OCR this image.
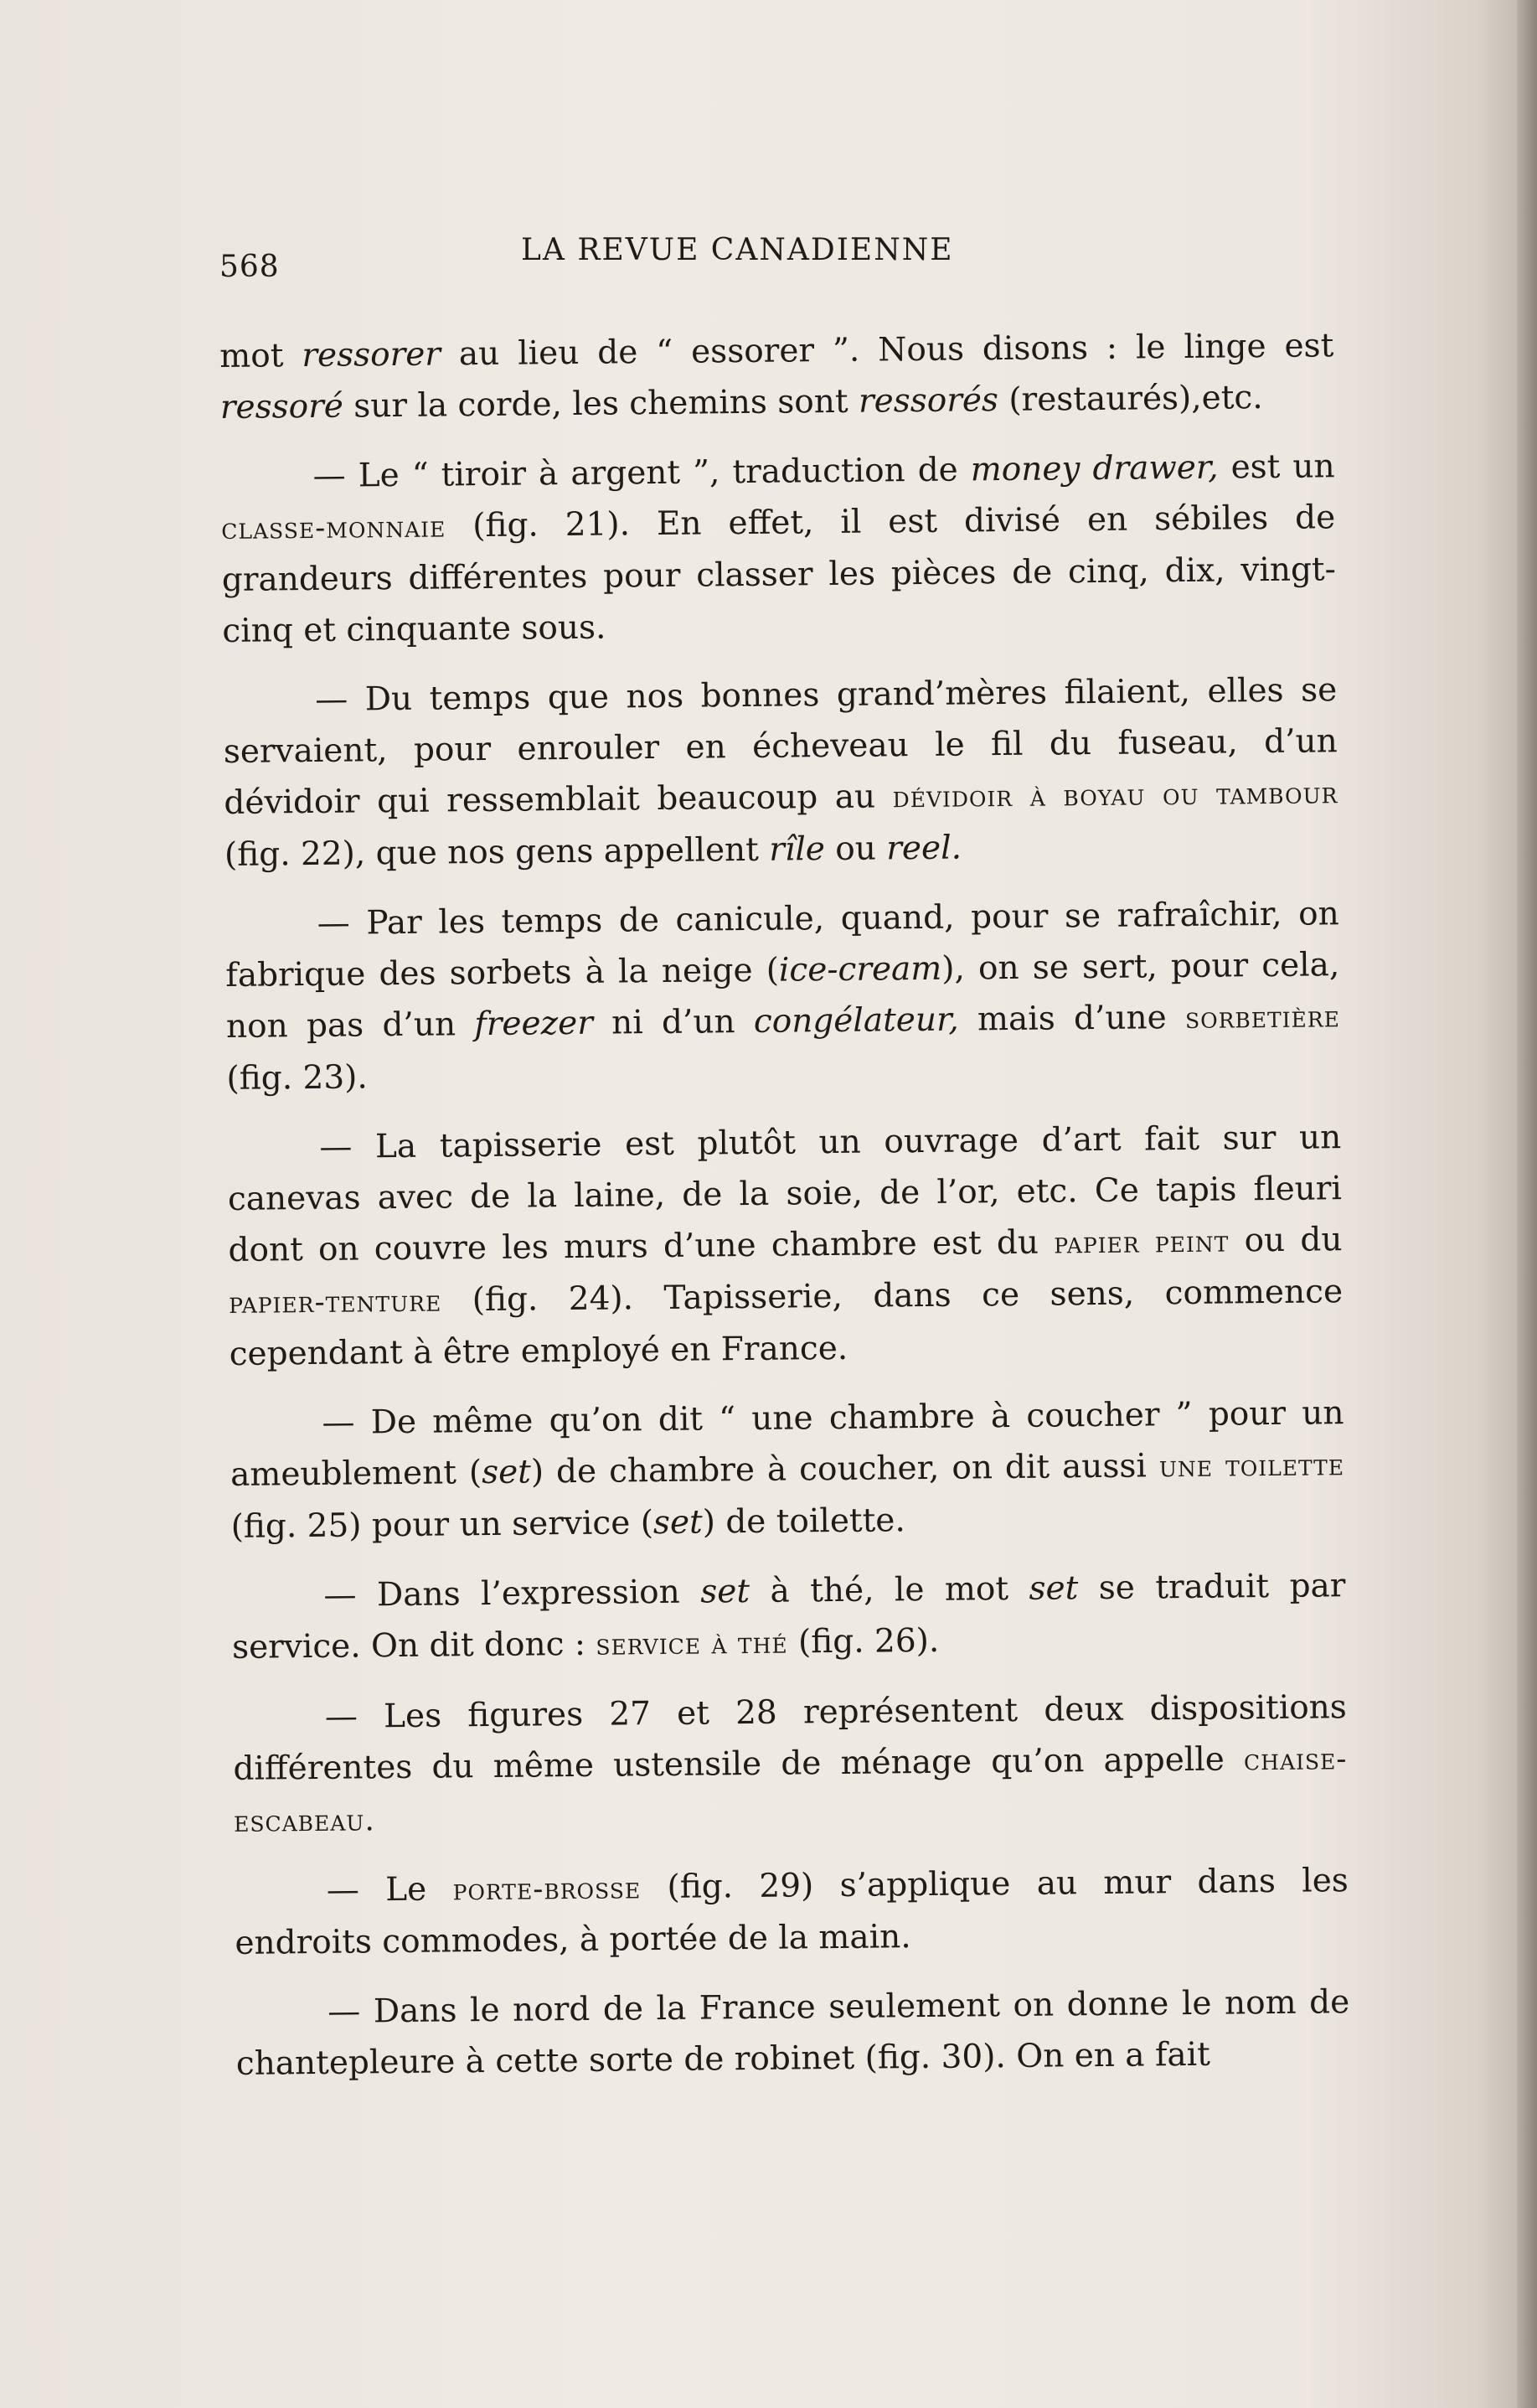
568	LA REVUE CANADIENNE

mot ressorer au lieu de “ essorer ”. Nous disons : le linge est ressoré sur la corde, les chemins sont ressorés (restaurés),etc.

— Le “ tiroir à argent ”, traduction de money drawer, est un classe-monnaie (fig. 21). En effet, il est divisé en sébiles de grandeurs différentes pour classer les pièces de cinq, dix, vingt-cinq et cinquante sous.

— Du temps que nos bonnes grand’mères filaient, elles se servaient, pour enrouler en écheveau le fil du fuseau, d’un dévidoir qui ressemblait beaucoup au dévidoir à boyau ou tambour (fig. 22), que nos gens appellent rîle ou reel.

— Par les temps de canicule, quand, pour se rafraîchir, on fabrique des sorbets à la neige (ice-cream), on se sert, pour cela, non pas d’un freezer ni d’un congélateur, mais d’une sorbetière (fig. 23).

— La tapisserie est plutôt un ouvrage d’art fait sur un canevas avec de la laine, de la soie, de l’or, etc. Ce tapis fleuri dont on couvre les murs d’une chambre est du papier peint ou du papier-tenture (fig. 24). Tapisserie, dans ce sens, commence cependant à être employé en France.

— De même qu’on dit “ une chambre à coucher ” pour un ameublement (set) de chambre à coucher, on dit aussi une toilette (fig. 25) pour un service (set) de toilette.

— Dans l’expression set à thé, le mot set se traduit par service. On dit donc : service à thé (fig. 26).

— Les figures 27 et 28 représentent deux dispositions différentes du même ustensile de ménage qu’on appelle chaise-escabeau.

— Le porte-brosse (fig. 29) s’applique au mur dans les endroits commodes, à portée de la main.

— Dans le nord de la France seulement on donne le nom de chantepleure à cette sorte de robinet (fig. 30). On en a fait
